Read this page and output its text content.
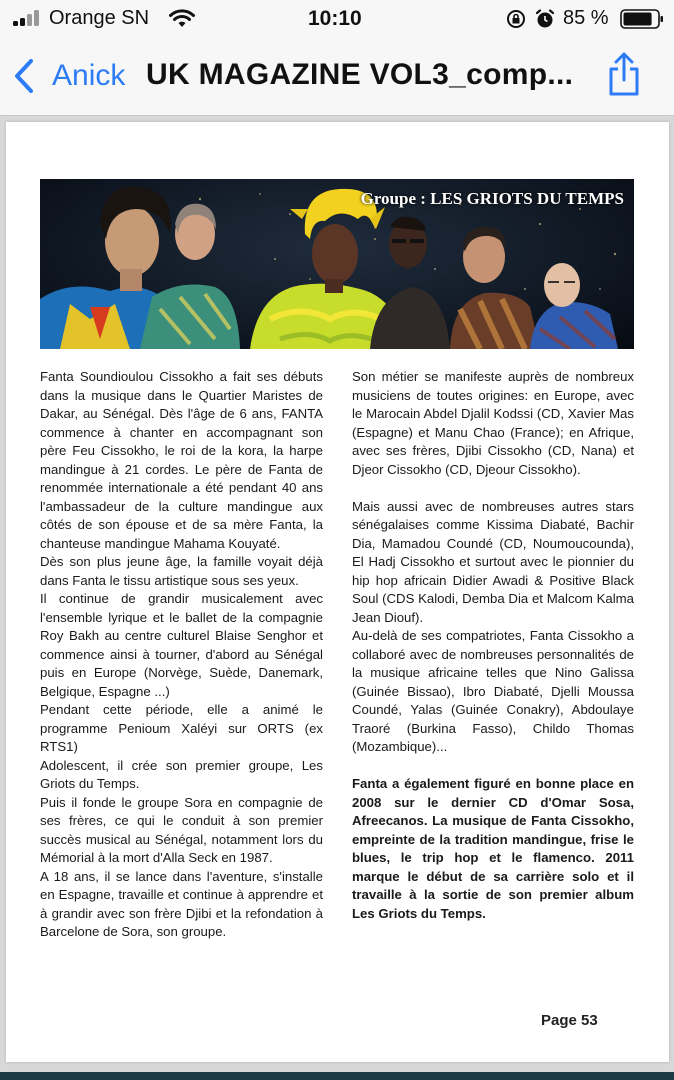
Orange SN	10:10	85 %
Anick UK MAGAZINE VOL3_comp...
Groupe : LES GRIOTS DU TEMPS

Fanta Soundioulou Cissokho a fait ses débuts dans la musique dans le Quartier Maristes de Dakar, au Sénégal. Dès l'âge de 6 ans, FANTA commence à chanter en accompagnant son père Feu Cissokho, le roi de la kora, la harpe mandingue à 21 cordes. Le père de Fanta de renommée internationale a été pendant 40 ans l'ambassadeur de la culture mandingue aux côtés de son épouse et de sa mère Fanta, la chanteuse mandingue Mahama Kouyaté.

Dès son plus jeune âge, la famille voyait déjà dans Fanta le tissu artistique sous ses yeux.

Il continue de grandir musicalement avec l'ensemble lyrique et le ballet de la compagnie Roy Bakh au centre culturel Blaise Senghor et commence ainsi à tourner, d'abord au Sénégal puis en Europe (Norvège, Suède, Danemark, Belgique, Espagne ...)

Pendant cette période, elle a animé le programme Penioum Xaléyi sur ORTS (ex RTS1)

Adolescent, il crée son premier groupe, Les Griots du Temps.

Puis il fonde le groupe Sora en compagnie de ses frères, ce qui le conduit à son premier succès musical au Sénégal, notamment lors du Mémorial à la mort d'Alla Seck en 1987.

A 18 ans, il se lance dans l'aventure, s'installe en Espagne, travaille et continue à apprendre et à grandir avec son frère Djibi et la refondation à Barcelone de Sora, son groupe.

Son métier se manifeste auprès de nombreux musiciens de toutes origines: en Europe, avec le Marocain Abdel Djalil Kodssi (CD, Xavier Mas (Espagne) et Manu Chao (France); en Afrique, avec ses frères, Djibi Cissokho (CD, Nana) et Djeor Cissokho (CD, Djeour Cissokho).

Mais aussi avec de nombreuses autres stars sénégalaises comme Kissima Diabaté, Bachir Dia, Mamadou Coundé (CD, Noumoucounda), El Hadj Cissokho et surtout avec le pionnier du hip hop africain Didier Awadi & Positive Black Soul (CDS Kalodi, Demba Dia et Malcom Kalma Jean Diouf).

Au-delà de ses compatriotes, Fanta Cissokho a collaboré avec de nombreuses personnalités de la musique africaine telles que Nino Galissa (Guinée Bissao), Ibro Diabaté, Djelli Moussa Coundé, Yalas (Guinée Conakry), Abdoulaye Traoré (Burkina Fasso), Childo Thomas (Mozambique)...

Fanta a également figuré en bonne place en 2008 sur le dernier CD d'Omar Sosa, Afreecanos. La musique de Fanta Cissokho, empreinte de la tradition mandingue, frise le blues, le trip hop et le flamenco. 2011 marque le début de sa carrière solo et il travaille à la sortie de son premier album Les Griots du Temps.

Page 53
